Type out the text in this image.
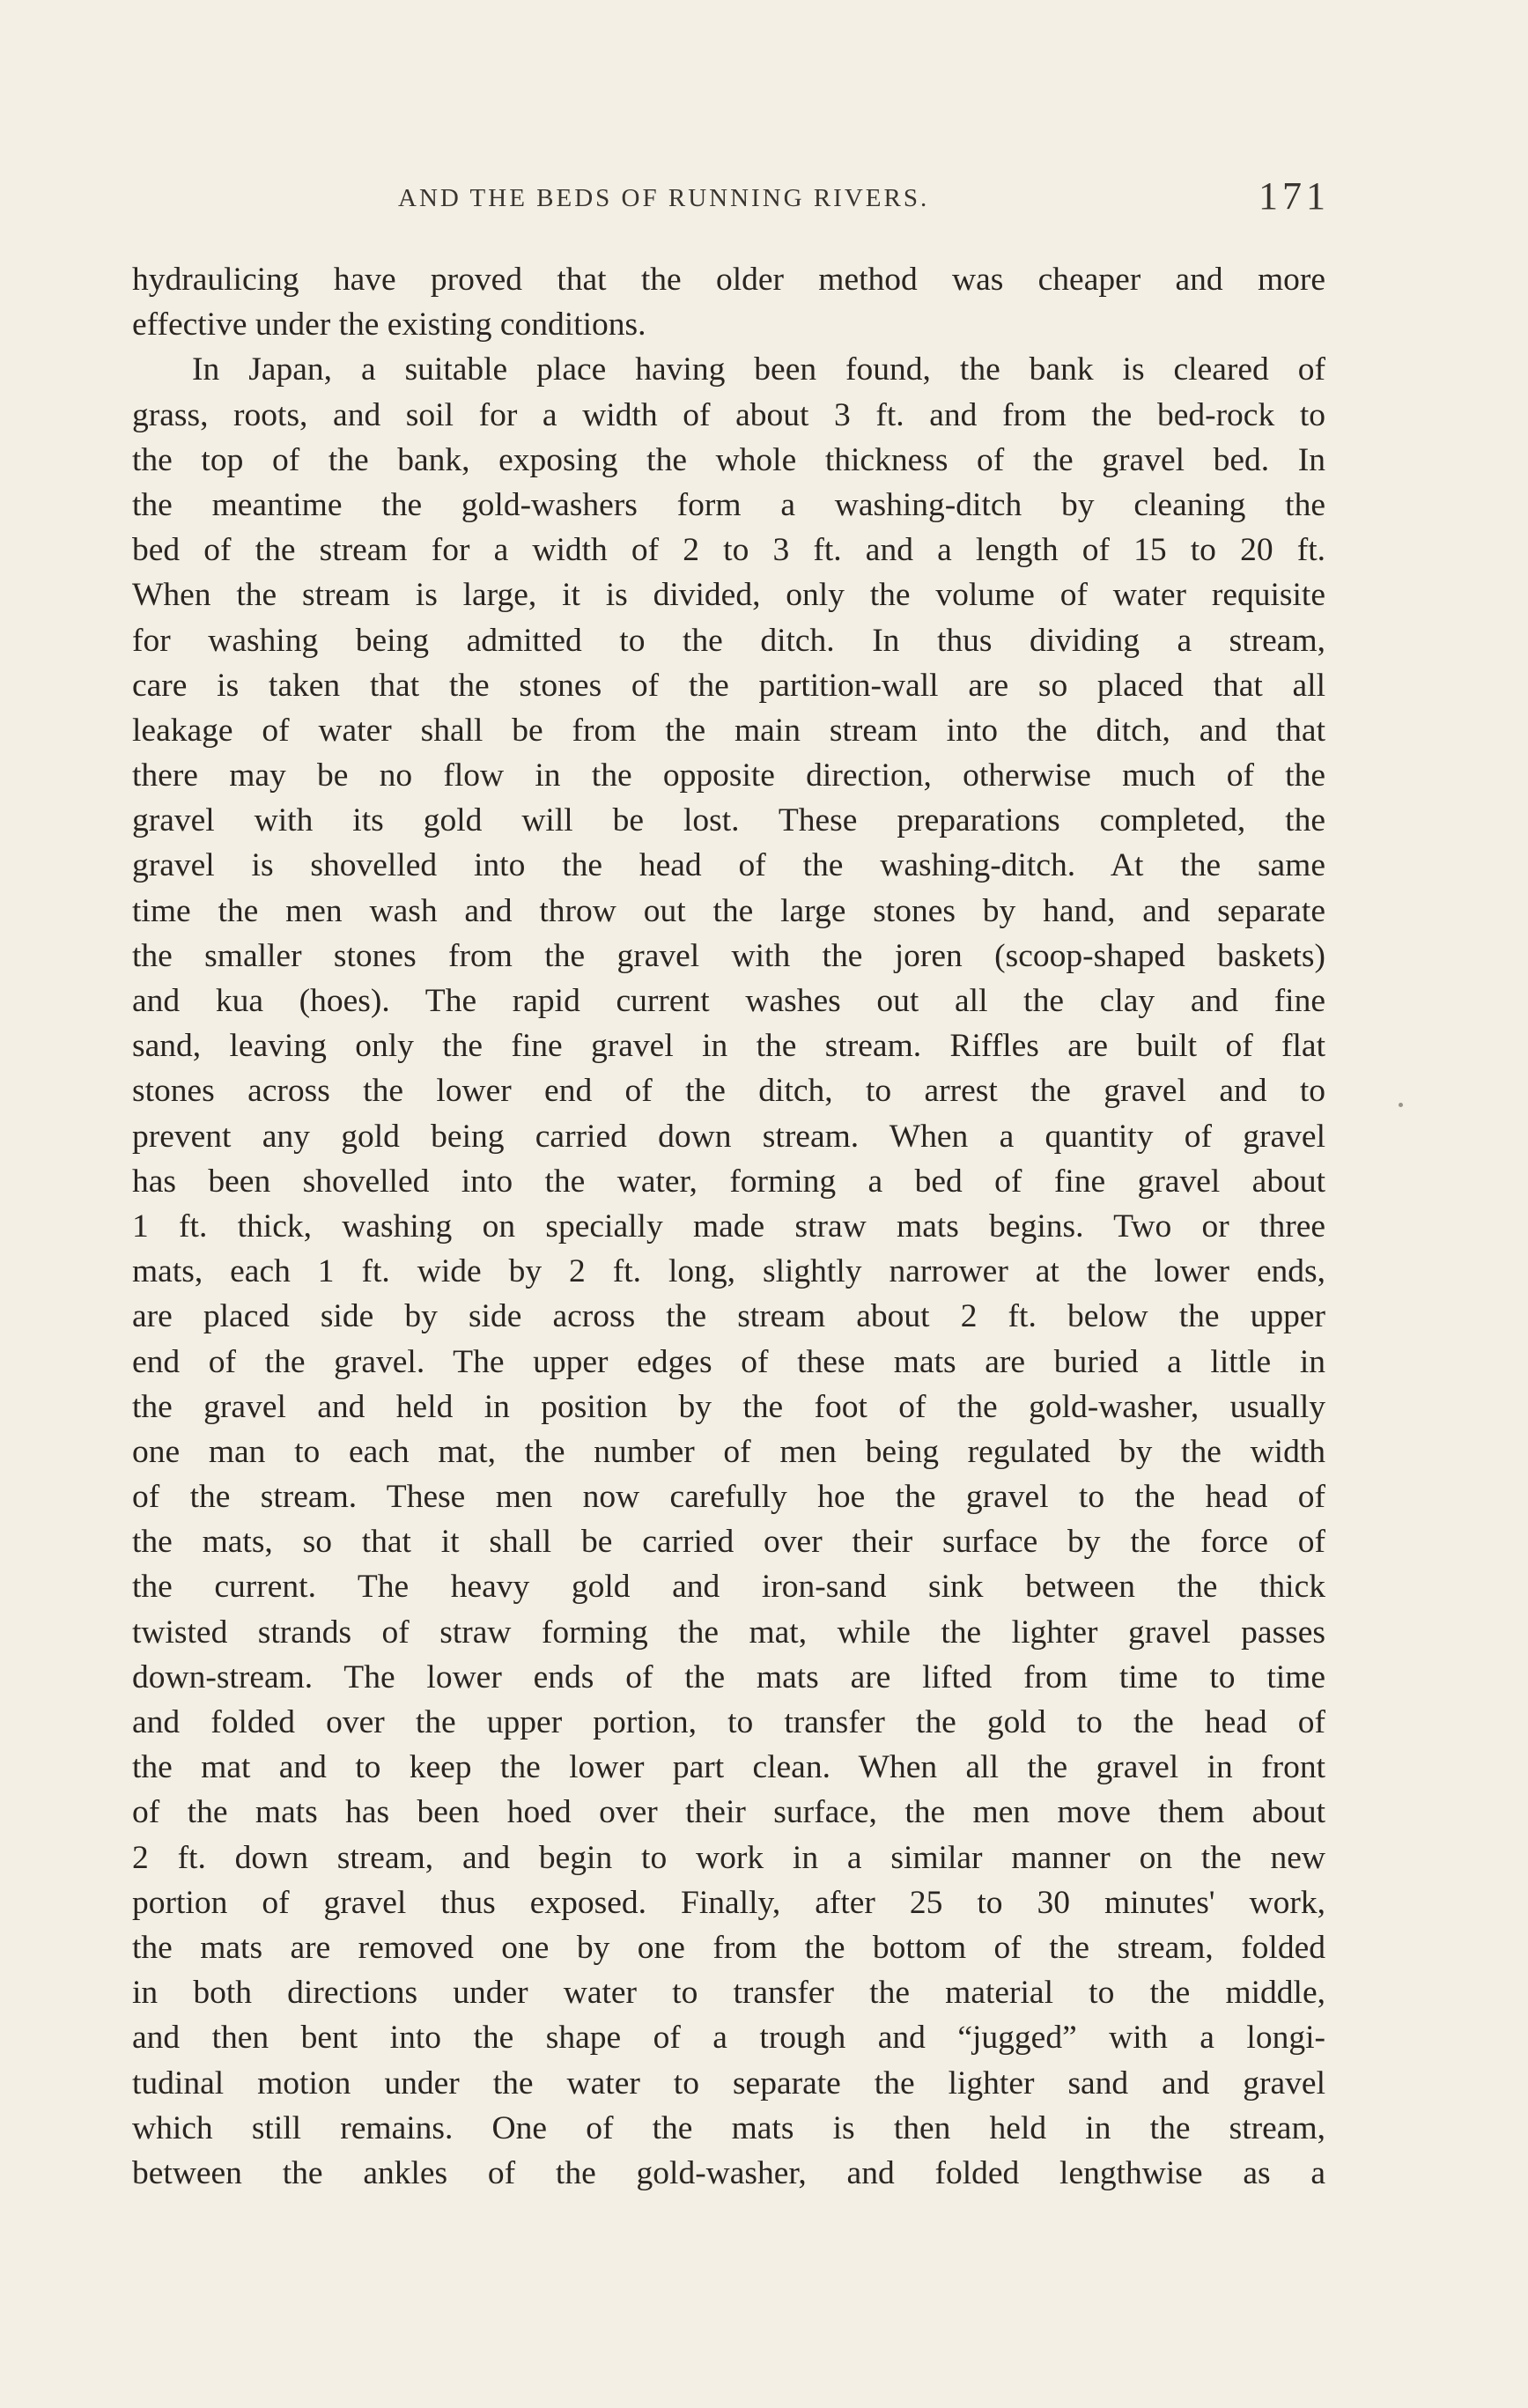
AND THE BEDS OF RUNNING RIVERS.	171
hydraulicing have proved that the older method was cheaper and more
effective under the existing conditions.
In Japan, a suitable place having been found, the bank is cleared of
grass, roots, and soil for a width of about 3 ft. and from the bed-rock to
the top of the bank, exposing the whole thickness of the gravel bed. In
the meantime the gold-washers form a washing-ditch by cleaning the
bed of the stream for a width of 2 to 3 ft. and a length of 15 to 20 ft.
When the stream is large, it is divided, only the volume of water requisite
for washing being admitted to the ditch. In thus dividing a stream,
care is taken that the stones of the partition-wall are so placed that all
leakage of water shall be from the main stream into the ditch, and that
there may be no flow in the opposite direction, otherwise much of the
gravel with its gold will be lost. These preparations completed, the
gravel is shovelled into the head of the washing-ditch. At the same
time the men wash and throw out the large stones by hand, and separate
the smaller stones from the gravel with the joren (scoop-shaped baskets)
and kua (hoes). The rapid current washes out all the clay and fine
sand, leaving only the fine gravel in the stream. Riffles are built of flat
stones across the lower end of the ditch, to arrest the gravel and to
prevent any gold being carried down stream. When a quantity of gravel
has been shovelled into the water, forming a bed of fine gravel about
1 ft. thick, washing on specially made straw mats begins. Two or three
mats, each 1 ft. wide by 2 ft. long, slightly narrower at the lower ends,
are placed side by side across the stream about 2 ft. below the upper
end of the gravel. The upper edges of these mats are buried a little in
the gravel and held in position by the foot of the gold-washer, usually
one man to each mat, the number of men being regulated by the width
of the stream. These men now carefully hoe the gravel to the head of
the mats, so that it shall be carried over their surface by the force of
the current. The heavy gold and iron-sand sink between the thick
twisted strands of straw forming the mat, while the lighter gravel passes
down-stream. The lower ends of the mats are lifted from time to time
and folded over the upper portion, to transfer the gold to the head of
the mat and to keep the lower part clean. When all the gravel in front
of the mats has been hoed over their surface, the men move them about
2 ft. down stream, and begin to work in a similar manner on the new
portion of gravel thus exposed. Finally, after 25 to 30 minutes' work,
the mats are removed one by one from the bottom of the stream, folded
in both directions under water to transfer the material to the middle,
and then bent into the shape of a trough and “jugged” with a longi-
tudinal motion under the water to separate the lighter sand and gravel
which still remains. One of the mats is then held in the stream,
between the ankles of the gold-washer, and folded lengthwise as a
